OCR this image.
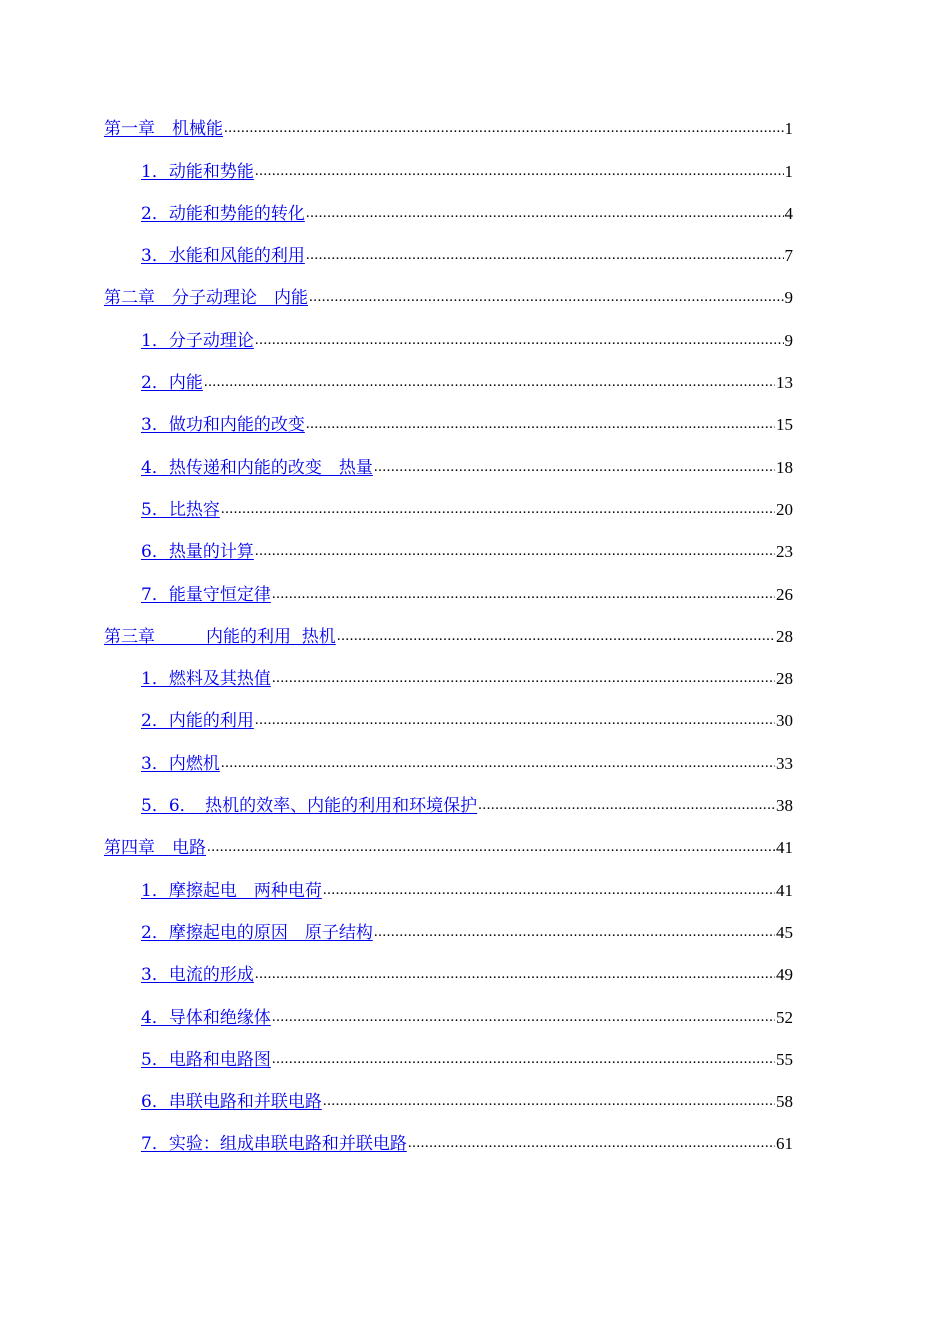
第一章　机械能 .....	1
1．动能和势能 .....	1
2．动能和势能的转化 .....	4
3．水能和风能的利用 .....	7
第二章　分子动理论　内能 .....	9
1．分子动理论 .....	9
2．内能 .....	13
3．做功和内能的改变 .....	15
4．热传递和内能的改变　热量 .....	18
5．比热容 .....	20
6．热量的计算 .....	23
7．能量守恒定律 .....	26
第三章　　　内能的利用  热机 .....	28
1．燃料及其热值 .....	28
2．内能的利用 .....	30
3．内燃机 .....	33
5．6．　热机的效率、内能的利用和环境保护 .....	38
第四章　电路 .....	41
1．摩擦起电　两种电荷 .....	41
2．摩擦起电的原因　原子结构 .....	45
3．电流的形成 .....	49
4．导体和绝缘体 .....	52
5．电路和电路图 .....	55
6．串联电路和并联电路 .....	58
7．实验：组成串联电路和并联电路 .....	61
